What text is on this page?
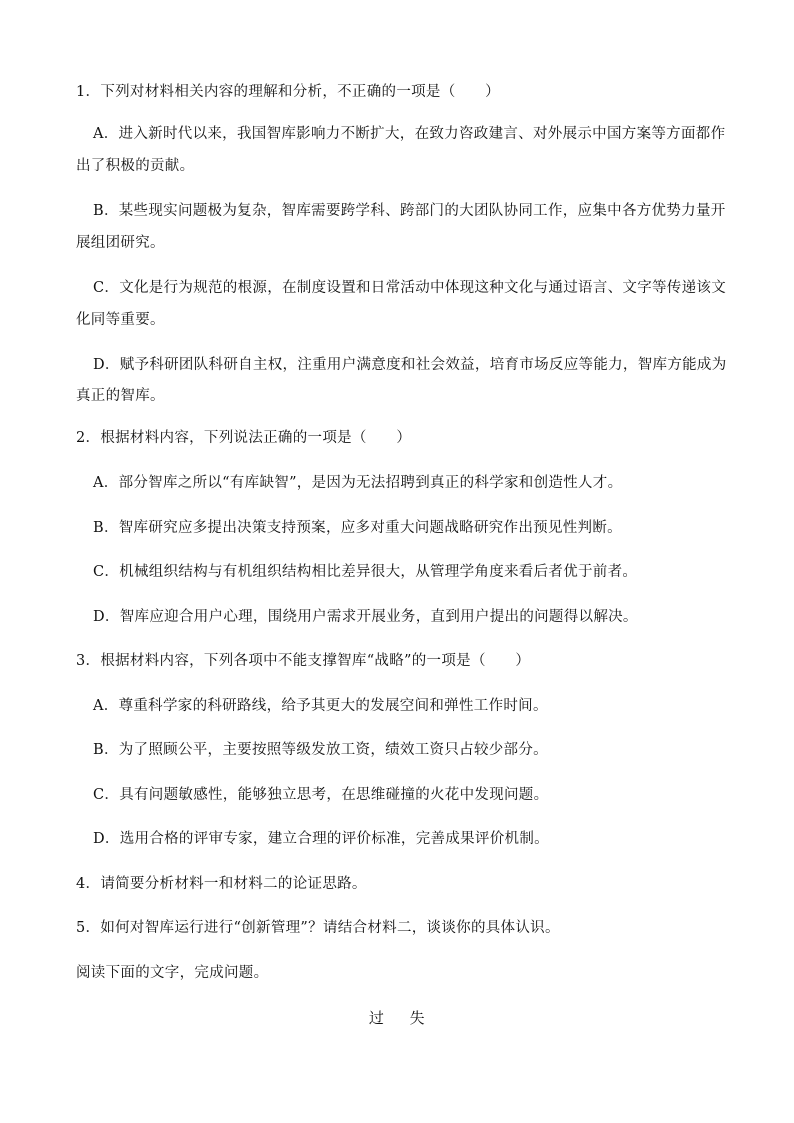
1．下列对材料相关内容的理解和分析，不正确的一项是（　　）
A．进入新时代以来，我国智库影响力不断扩大，在致力咨政建言、对外展示中国方案等方面都作
出了积极的贡献。
B．某些现实问题极为复杂，智库需要跨学科、跨部门的大团队协同工作，应集中各方优势力量开
展组团研究。
C．文化是行为规范的根源，在制度设置和日常活动中体现这种文化与通过语言、文字等传递该文
化同等重要。
D．赋予科研团队科研自主权，注重用户满意度和社会效益，培育市场反应等能力，智库方能成为
真正的智库。
2．根据材料内容，下列说法正确的一项是（　　）
A．部分智库之所以“有库缺智”，是因为无法招聘到真正的科学家和创造性人才。
B．智库研究应多提出决策支持预案，应多对重大问题战略研究作出预见性判断。
C．机械组织结构与有机组织结构相比差异很大，从管理学角度来看后者优于前者。
D．智库应迎合用户心理，围绕用户需求开展业务，直到用户提出的问题得以解决。
3．根据材料内容，下列各项中不能支撑智库“战略”的一项是（　　）
A．尊重科学家的科研路线，给予其更大的发展空间和弹性工作时间。
B．为了照顾公平，主要按照等级发放工资，绩效工资只占较少部分。
C．具有问题敏感性，能够独立思考，在思维碰撞的火花中发现问题。
D．选用合格的评审专家，建立合理的评价标准，完善成果评价机制。
4．请简要分析材料一和材料二的论证思路。
5．如何对智库运行进行“创新管理”？请结合材料二，谈谈你的具体认识。
阅读下面的文字，完成问题。
过 失
